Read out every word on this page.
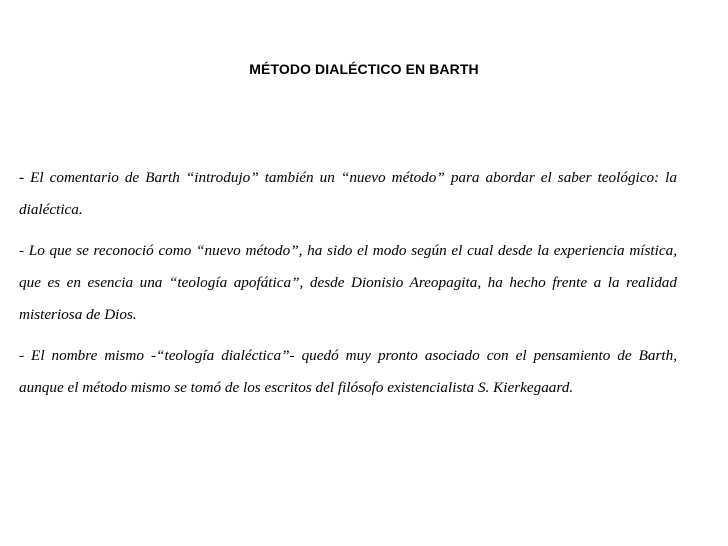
MÉTODO DIALÉCTICO EN BARTH

- El comentario de Barth “introdujo” también un “nuevo método” para abordar el saber teológico: la dialéctica.

- Lo que se reconoció como “nuevo método”, ha sido el modo según el cual desde la experiencia mística, que es en esencia una “teología apofática”, desde Dionisio Areopagita, ha hecho frente a la realidad misteriosa de Dios.

- El nombre mismo -“teología dialéctica”- quedó muy pronto asociado con el pensamiento de Barth, aunque el método mismo se tomó de los escritos del filósofo existencialista S. Kierkegaard.
